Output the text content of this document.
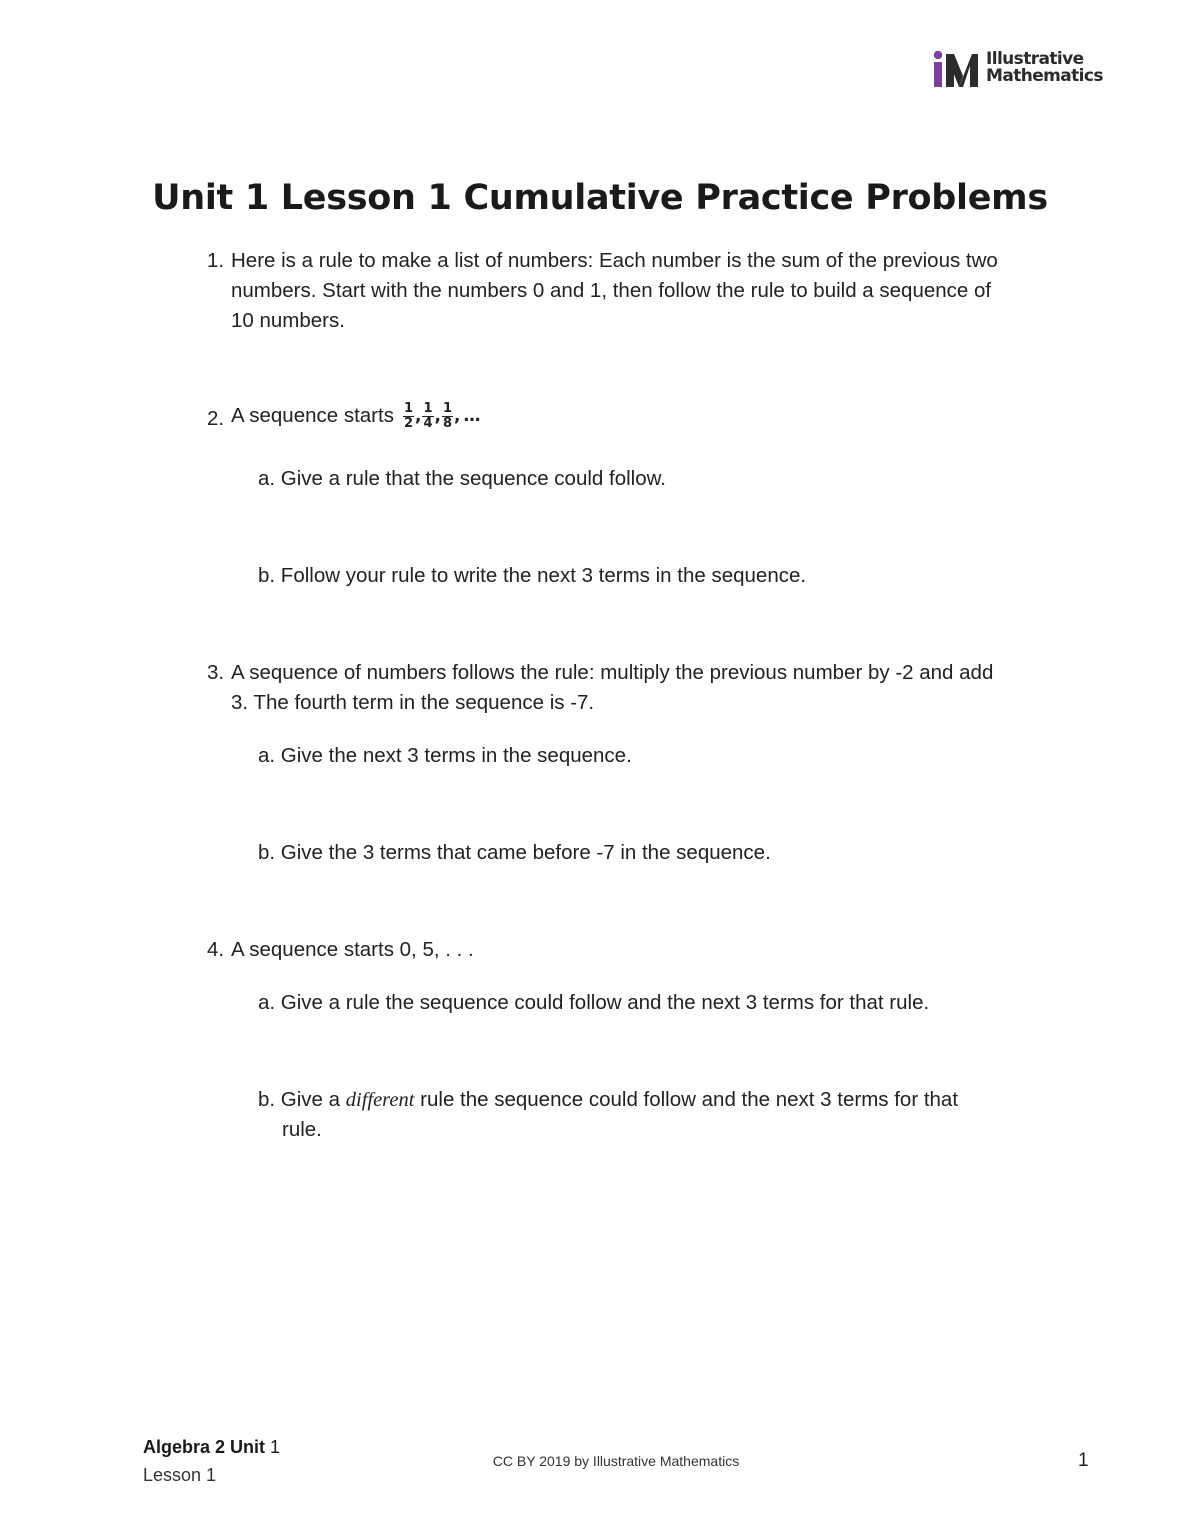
Illustrative
Mathematics
Unit 1 Lesson 1 Cumulative Practice Problems
1. Here is a rule to make a list of numbers: Each number is the sum of the previous two

numbers. Start with the numbers 0 and 1, then follow the rule to build a sequence of

10 numbers.

2. A sequence starts $\frac{1}{2}$ , $\frac{1}{4}$ , $\frac{1}{8}$ , …

a. Give a rule that the sequence could follow.

b. Follow your rule to write the next 3 terms in the sequence.

3. A sequence of numbers follows the rule: multiply the previous number by -2 and add

3. The fourth term in the sequence is -7.

a. Give the next 3 terms in the sequence.

b. Give the 3 terms that came before -7 in the sequence.

4. A sequence starts 0, 5, . . .

a. Give a rule the sequence could follow and the next 3 terms for that rule.

b. Give a different rule the sequence could follow and the next 3 terms for that

rule.

Algebra 2 Unit 1
Lesson 1
CC BY 2019 by Illustrative Mathematics	1
